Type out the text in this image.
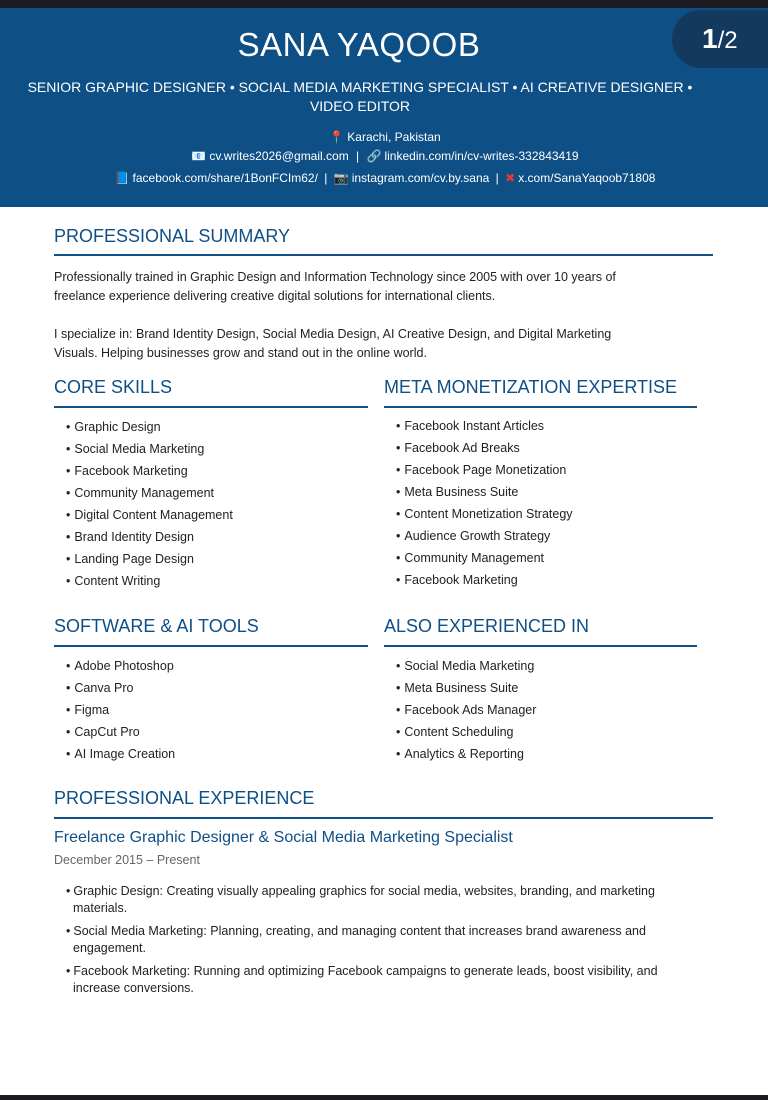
SANA YAQOOB
SENIOR GRAPHIC DESIGNER • SOCIAL MEDIA MARKETING SPECIALIST • AI CREATIVE DESIGNER • VIDEO EDITOR
📍 Karachi, Pakistan
📧 cv.writes2026@gmail.com | 🔗 linkedin.com/in/cv-writes-332843419
📘 facebook.com/share/1BonFCIm62/ | 📷 instagram.com/cv.by.sana | ✖ x.com/SanaYaqoob71808
1/2
PROFESSIONAL SUMMARY
Professionally trained in Graphic Design and Information Technology since 2005 with over 10 years of freelance experience delivering creative digital solutions for international clients.
I specialize in: Brand Identity Design, Social Media Design, AI Creative Design, and Digital Marketing Visuals. Helping businesses grow and stand out in the online world.
CORE SKILLS
• Graphic Design
• Social Media Marketing
• Facebook Marketing
• Community Management
• Digital Content Management
• Brand Identity Design
• Landing Page Design
• Content Writing
META MONETIZATION EXPERTISE
• Facebook Instant Articles
• Facebook Ad Breaks
• Facebook Page Monetization
• Meta Business Suite
• Content Monetization Strategy
• Audience Growth Strategy
• Community Management
• Facebook Marketing
SOFTWARE & AI TOOLS
• Adobe Photoshop
• Canva Pro
• Figma
• CapCut Pro
• AI Image Creation
ALSO EXPERIENCED IN
• Social Media Marketing
• Meta Business Suite
• Facebook Ads Manager
• Content Scheduling
• Analytics & Reporting
PROFESSIONAL EXPERIENCE
Freelance Graphic Designer & Social Media Marketing Specialist
December 2015 – Present
• Graphic Design: Creating visually appealing graphics for social media, websites, branding, and marketing materials.
• Social Media Marketing: Planning, creating, and managing content that increases brand awareness and engagement.
• Facebook Marketing: Running and optimizing Facebook campaigns to generate leads, boost visibility, and increase conversions.
